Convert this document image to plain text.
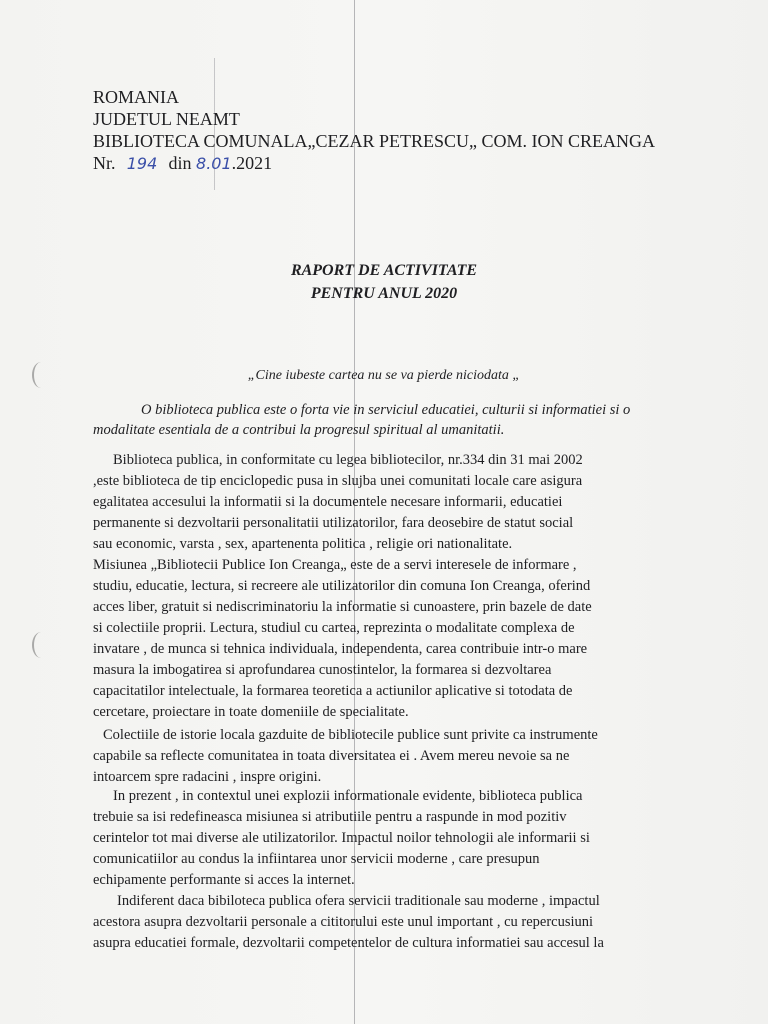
ROMANIA
JUDETUL NEAMT
BIBLIOTECA COMUNALA„CEZAR PETRESCU„ COM. ION CREANGA
Nr. 194 din 8.01.2021
RAPORT DE ACTIVITATE
PENTRU ANUL 2020
„Cine iubeste cartea nu se va pierde niciodata „
O biblioteca publica este o forta vie in serviciul educatiei, culturii si informatiei si o
modalitate esentiala de a contribui la progresul spiritual al umanitatii.
Biblioteca publica, in conformitate cu legea bibliotecilor, nr.334 din 31 mai 2002
,este biblioteca de tip enciclopedic pusa in slujba unei comunitati locale care asigura
egalitatea accesului la informatii si la documentele necesare informarii, educatiei
permanente si dezvoltarii personalitatii utilizatorilor, fara deosebire de statut social
sau economic, varsta , sex, apartenenta politica , religie ori nationalitate.
Misiunea „Bibliotecii Publice Ion Creanga„ este de a servi interesele de informare ,
studiu, educatie, lectura, si recreere ale utilizatorilor din comuna Ion Creanga, oferind
acces liber, gratuit si nediscriminatoriu la informatie si cunoastere, prin bazele de date
si colectiile proprii. Lectura, studiul cu cartea, reprezinta o modalitate complexa de
invatare , de munca si tehnica individuala, independenta, carea contribuie intr-o mare
masura la imbogatirea si aprofundarea cunostintelor, la formarea si dezvoltarea
capacitatilor intelectuale, la formarea teoretica a actiunilor aplicative si totodata de
cercetare, proiectare in toate domeniile de specialitate.
Colectiile de istorie locala gazduite de bibliotecile publice sunt privite ca instrumente
capabile sa reflecte comunitatea in toata diversitatea ei . Avem mereu nevoie sa ne
intoarcem spre radacini , inspre origini.
In prezent , in contextul unei explozii informationale evidente, biblioteca publica
trebuie sa isi redefineasca misiunea si atributiile pentru a raspunde in mod pozitiv
cerintelor tot mai diverse ale utilizatorilor. Impactul noilor tehnologii ale informarii si
comunicatiilor au condus la infiintarea unor servicii moderne , care presupun
echipamente performante si acces la internet.
Indiferent daca bibiloteca publica ofera servicii traditionale sau moderne , impactul
acestora asupra dezvoltarii personale a cititorului este unul important , cu repercusiuni
asupra educatiei formale, dezvoltarii competentelor de cultura informatiei sau accesul la
